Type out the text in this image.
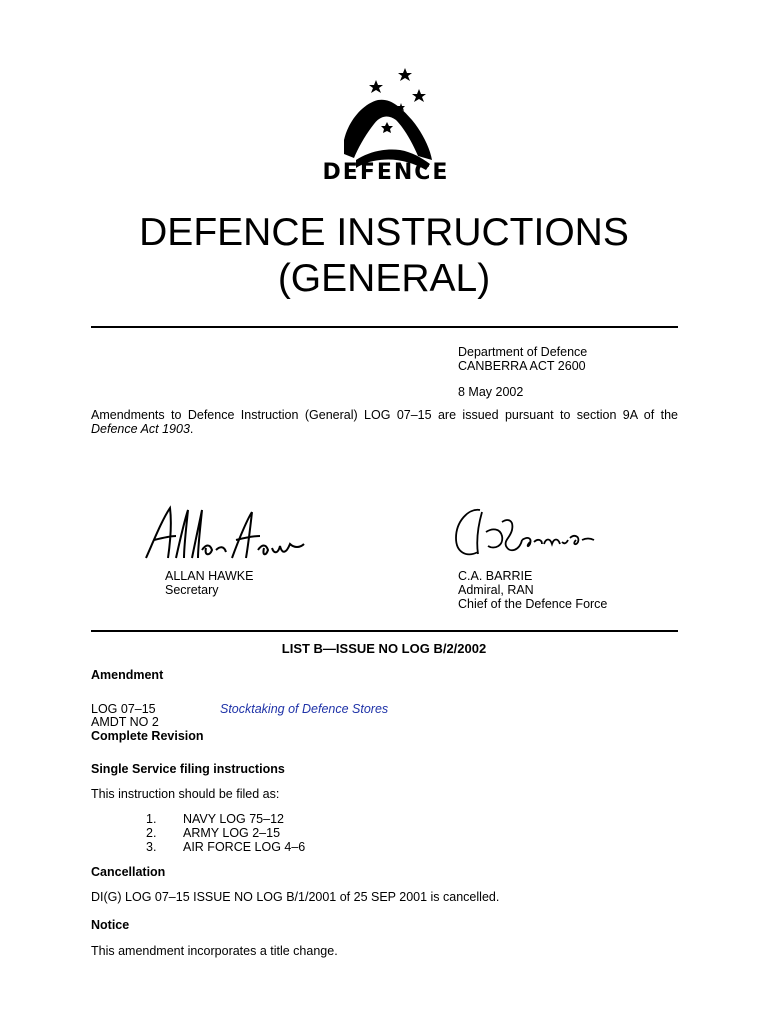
DEFENCE
DEFENCE INSTRUCTIONS
(GENERAL)
Department of Defence
CANBERRA ACT 2600
8 May 2002
Amendments to Defence Instruction (General) LOG 07–15 are issued pursuant to section 9A of the
Defence Act 1903.
ALLAN HAWKE
Secretary
C.A. BARRIE
Admiral, RAN
Chief of the Defence Force
LIST B—ISSUE NO LOG B/2/2002
Amendment
LOG 07–15	Stocktaking of Defence Stores
AMDT NO 2
Complete Revision
Single Service filing instructions
This instruction should be filed as:
1. NAVY LOG 75–12
2. ARMY LOG 2–15
3. AIR FORCE LOG 4–6
Cancellation
DI(G) LOG 07–15 ISSUE NO LOG B/1/2001 of 25 SEP 2001 is cancelled.
Notice
This amendment incorporates a title change.
